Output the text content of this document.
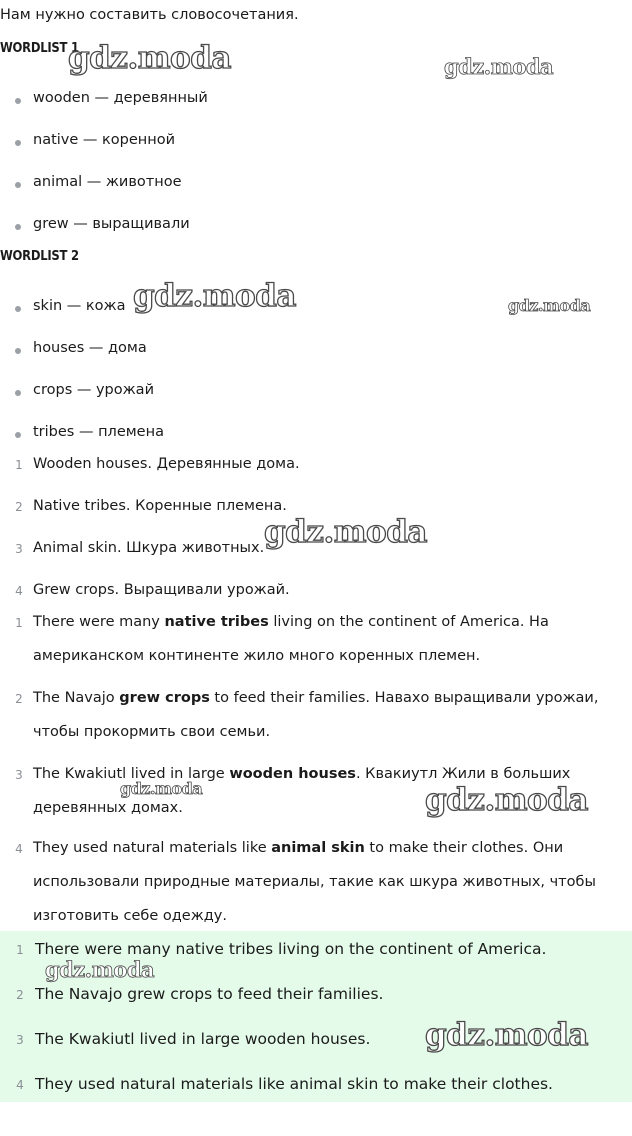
Нам нужно составить словосочетания.
WORDLIST 1
wooden — деревянный
native — коренной
animal — животное
grew — выращивали
WORDLIST 2
skin — кожа
houses — дома
crops — урожай
tribes — племена
1 Wooden houses. Деревянные дома.
2 Native tribes. Коренные племена.
3 Animal skin. Шкура животных.
4 Grew crops. Выращивали урожай.
1 There were many native tribes living on the continent of America. На американском континенте жило много коренных племен.
2 The Navajo grew crops to feed their families. Навахо выращивали урожаи, чтобы прокормить свои семьи.
3 The Kwakiutl lived in large wooden houses. Квакиутл Жили в больших деревянных домах.
4 They used natural materials like animal skin to make their clothes. Они использовали природные материалы, такие как шкура животных, чтобы изготовить себе одежду.
1 There were many native tribes living on the continent of America.
2 The Navajo grew crops to feed their families.
3 The Kwakiutl lived in large wooden houses.
4 They used natural materials like animal skin to make their clothes.
gdz.moda	gdz.moda
gdz.moda	gdz.moda
gdz.moda
gdz.moda	gdz.moda
gdz.moda
gdz.moda
